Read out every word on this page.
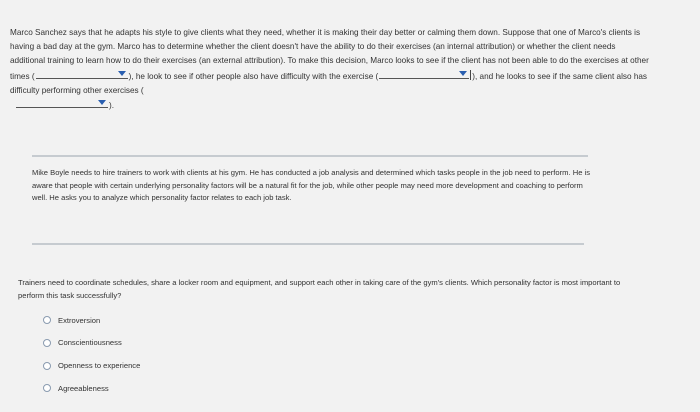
Marco Sanchez says that he adapts his style to give clients what they need, whether it is making their day better or calming them down. Suppose that one of Marco's clients is having a bad day at the gym. Marco has to determine whether the client doesn't have the ability to do their exercises (an internal attribution) or whether the client needs additional training to learn how to do their exercises (an external attribution). To make this decision, Marco looks to see if the client has not been able to do the exercises at other times (	), he look to see if other people also have difficulty with the exercise (	), and he looks to see if the same client also has difficulty performing other exercises (

).

Mike Boyle needs to hire trainers to work with clients at his gym. He has conducted a job analysis and determined which tasks people in the job need to perform. He is aware that people with certain underlying personality factors will be a natural fit for the job, while other people may need more development and coaching to perform well. He asks you to analyze which personality factor relates to each job task.
Trainers need to coordinate schedules, share a locker room and equipment, and support each other in taking care of the gym's clients. Which personality factor is most important to perform this task successfully?
Extroversion
Conscientiousness
Openness to experience
Agreeableness
